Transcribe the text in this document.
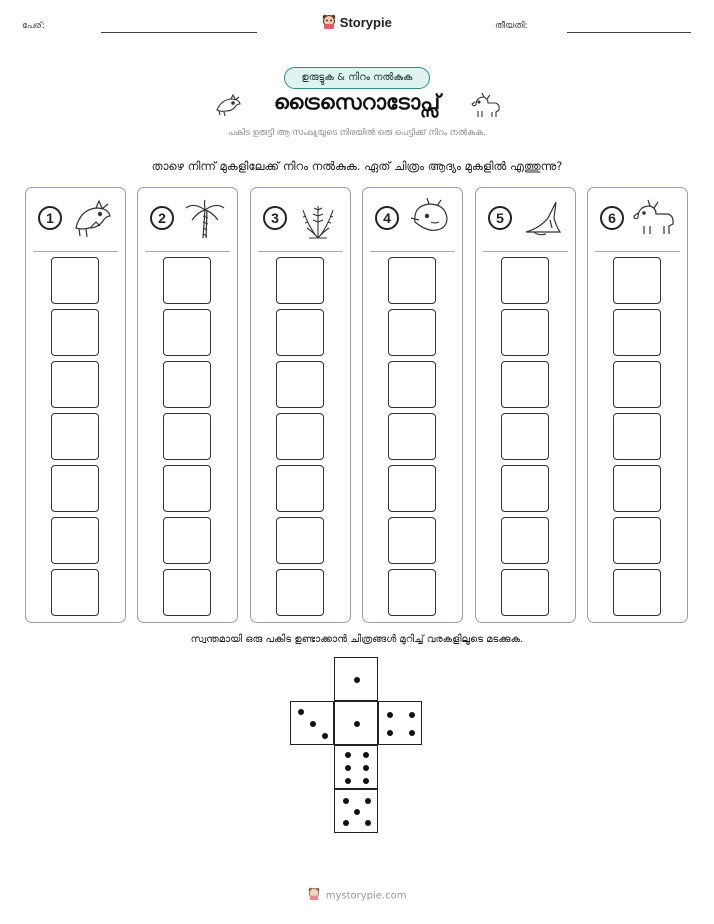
പേര്:	Storypie	തീയതി:
ഉരുട്ടുക & നിറം നൽകുക
ട്രൈസെറാടോപ്സ്
പകിട ഉരുട്ടി ആ സംഖ്യയുടെ നിരയിൽ ഒരു പെട്ടിക്ക് നിറം നൽകുക.
താഴെ നിന്ന് മുകളിലേക്ക് നിറം നൽകുക. ഏത് ചിത്രം ആദ്യം മുകളിൽ എത്തുന്നു?
1	2	3	4	5	6
സ്വന്തമായി ഒരു പകിട ഉണ്ടാക്കാൻ ചിത്രങ്ങൾ മുറിച്ച് വരകളിലൂടെ മടക്കുക.
mystorypie.com
